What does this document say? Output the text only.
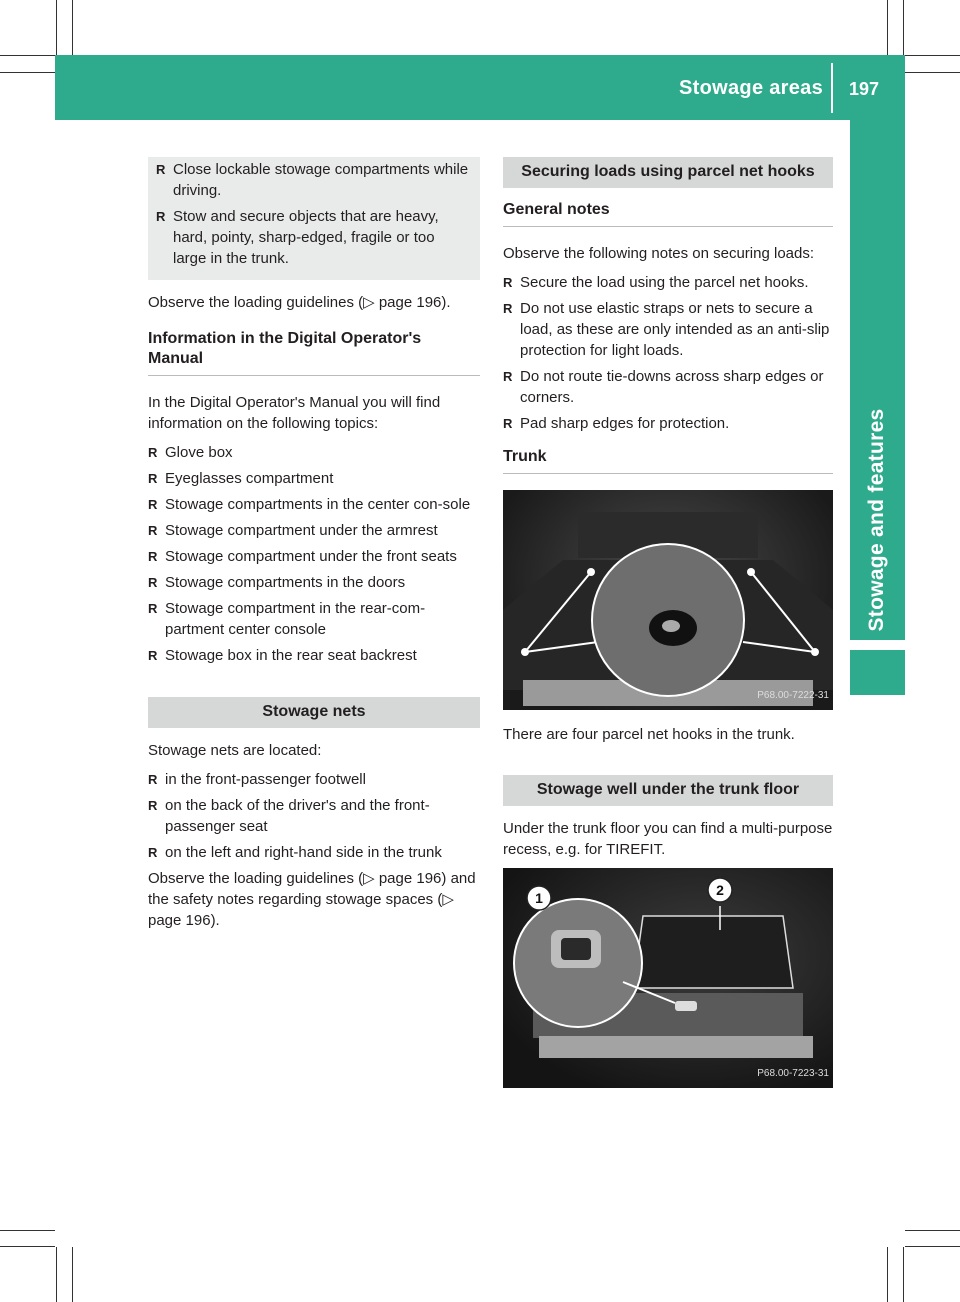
Stowage areas 197
Stowage and features
R Close lockable stowage compartments while driving.
R Stow and secure objects that are heavy, hard, pointy, sharp-edged, fragile or too large in the trunk.

Observe the loading guidelines (▷ page 196).

Information in the Digital Operator's Manual

In the Digital Operator's Manual you will find information on the following topics:

R Glove box
R Eyeglasses compartment
R Stowage compartments in the center con-sole
R Stowage compartment under the armrest
R Stowage compartment under the front seats
R Stowage compartments in the doors
R Stowage compartment in the rear-com-partment center console
R Stowage box in the rear seat backrest
Stowage nets

Stowage nets are located:

R in the front-passenger footwell
R on the back of the driver's and the front-passenger seat
R on the left and right-hand side in the trunk

Observe the loading guidelines (▷ page 196) and the safety notes regarding stowage spaces (▷ page 196).

Securing loads using parcel net hooks
General notes

Observe the following notes on securing loads:

R Secure the load using the parcel net hooks.
R Do not use elastic straps or nets to secure a load, as these are only intended as an anti-slip protection for light loads.
R Do not route tie-downs across sharp edges or corners.
R Pad sharp edges for protection.
Trunk
P68.00-7222-31

There are four parcel net hooks in the trunk.

Stowage well under the trunk floor

Under the trunk floor you can find a multi-purpose recess, e.g. for TIREFIT.

1	2
P68.00-7223-31
